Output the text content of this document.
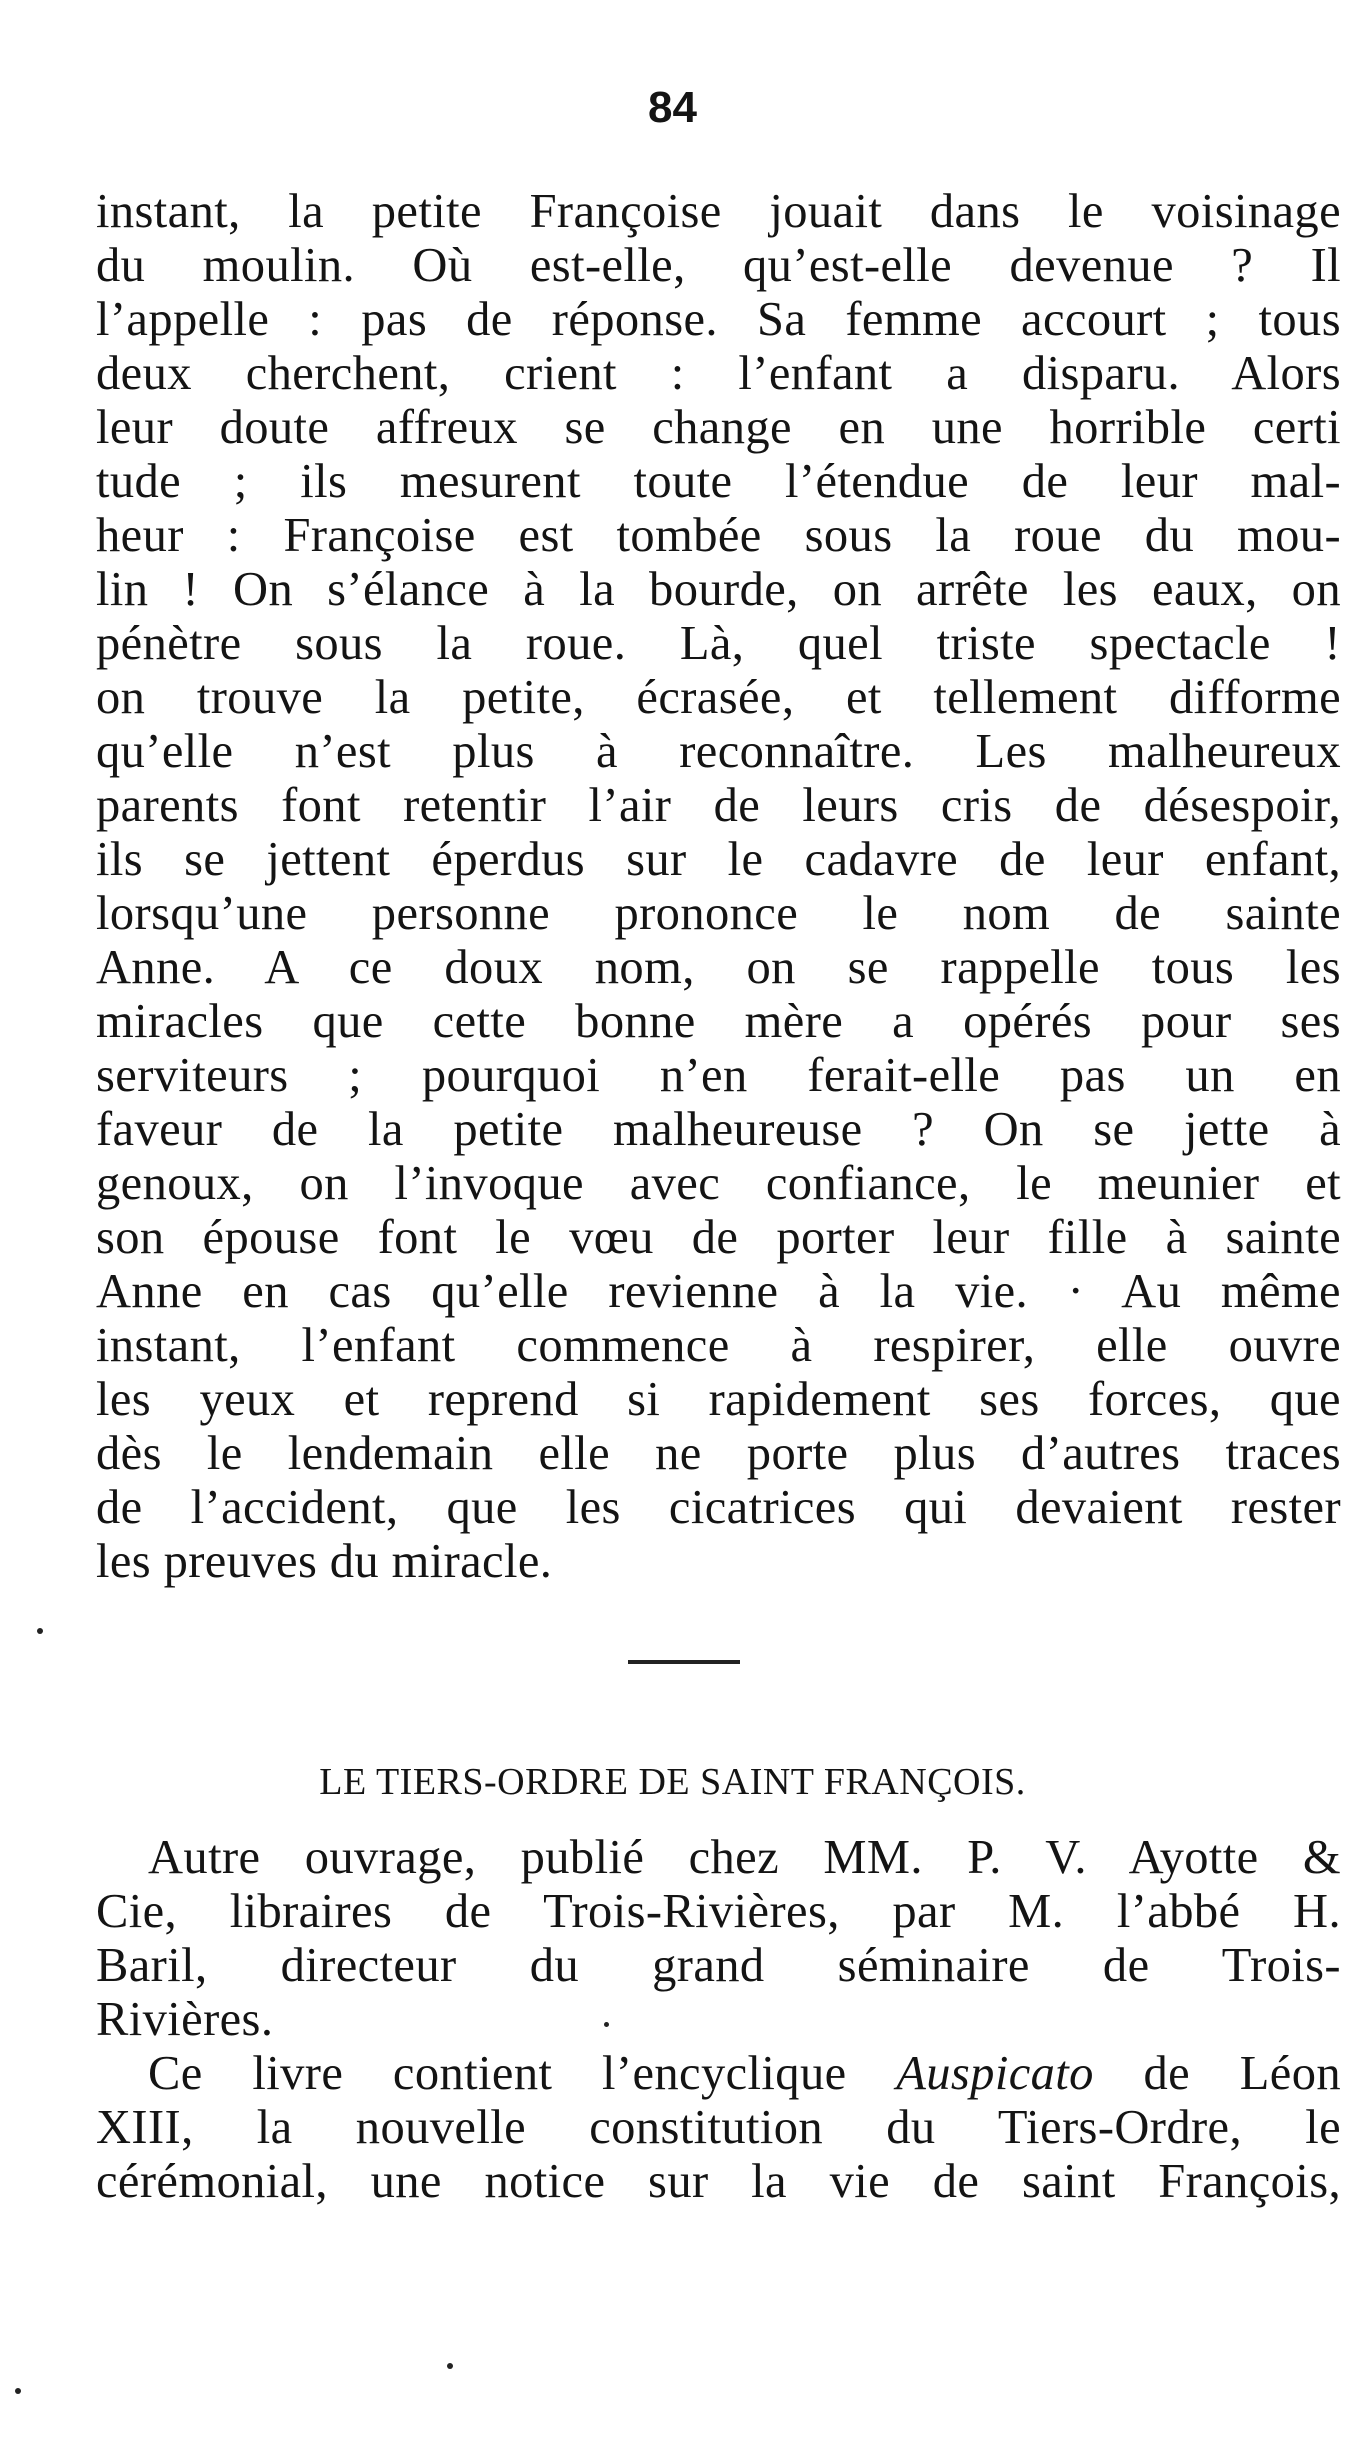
84
instant, la petite Françoise jouait dans le voisinage
du moulin. Où est-elle, qu’est-elle devenue ? Il
l’appelle : pas de réponse. Sa femme accourt ; tous
deux cherchent, crient : l’enfant a disparu. Alors
leur doute affreux se change en une horrible certi
tude ; ils mesurent toute l’étendue de leur mal-
heur : Françoise est tombée sous la roue du mou-
lin ! On s’élance à la bourde, on arrête les eaux, on
pénètre sous la roue. Là, quel triste spectacle !
on trouve la petite, écrasée, et tellement difforme
qu’elle n’est plus à reconnaître. Les malheureux
parents font retentir l’air de leurs cris de désespoir,
ils se jettent éperdus sur le cadavre de leur enfant,
lorsqu’une personne prononce le nom de sainte
Anne. A ce doux nom, on se rappelle tous les
miracles que cette bonne mère a opérés pour ses
serviteurs ; pourquoi n’en ferait-elle pas un en
faveur de la petite malheureuse ? On se jette à
genoux, on l’invoque avec confiance, le meunier et
son épouse font le vœu de porter leur fille à sainte
Anne en cas qu’elle revienne à la vie. · Au même
instant, l’enfant commence à respirer, elle ouvre
les yeux et reprend si rapidement ses forces, que
dès le lendemain elle ne porte plus d’autres traces
de l’accident, que les cicatrices qui devaient rester
les preuves du miracle.
LE TIERS-ORDRE DE SAINT FRANÇOIS.
Autre ouvrage, publié chez MM. P. V. Ayotte &
Cie, libraires de Trois-Rivières, par M. l’abbé H.
Baril, directeur du grand séminaire de Trois-
Rivières.
Ce livre contient l’encyclique Auspicato de Léon
XIII, la nouvelle constitution du Tiers-Ordre, le
cérémonial, une notice sur la vie de saint François,
